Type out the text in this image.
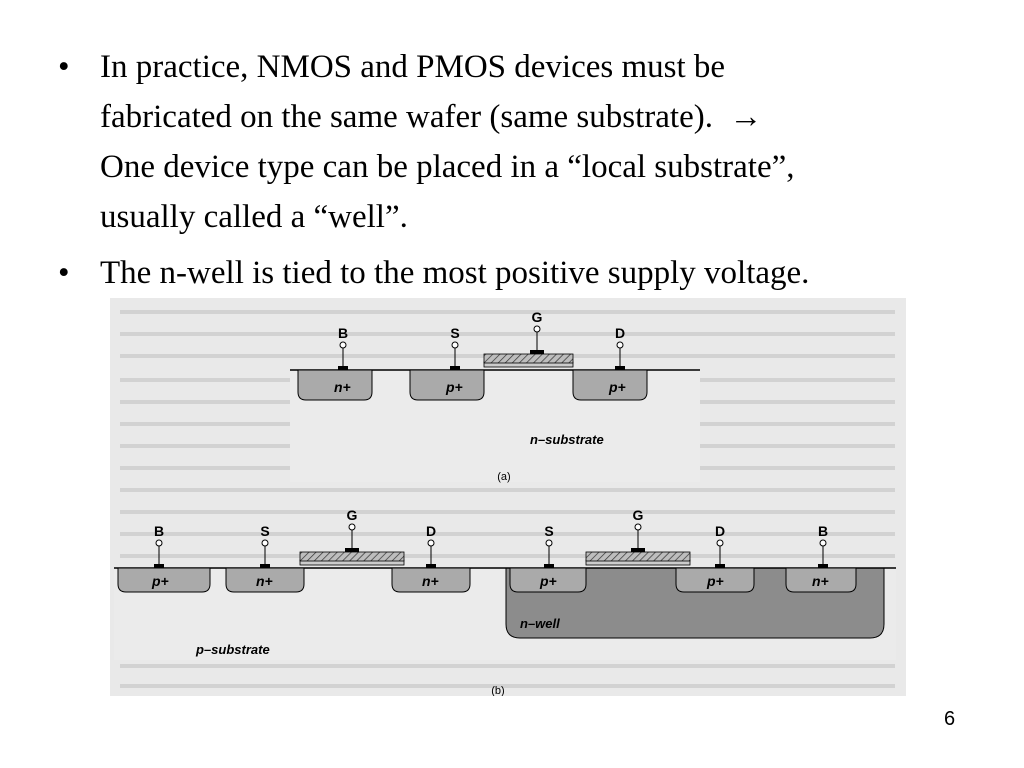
• In practice, NMOS and PMOS devices must be
fabricated on the same wafer (same substrate). →
One device type can be placed in a “local substrate”,
usually called a “well”.
• The n-well is tied to the most positive supply voltage.
B	S
G
D
n+	p+	p+
n–substrate
(a)
B	S
G
D	S
G
D	B
p+	n+	n+	p+	p+	n+
n–well
p–substrate
(b)
6
